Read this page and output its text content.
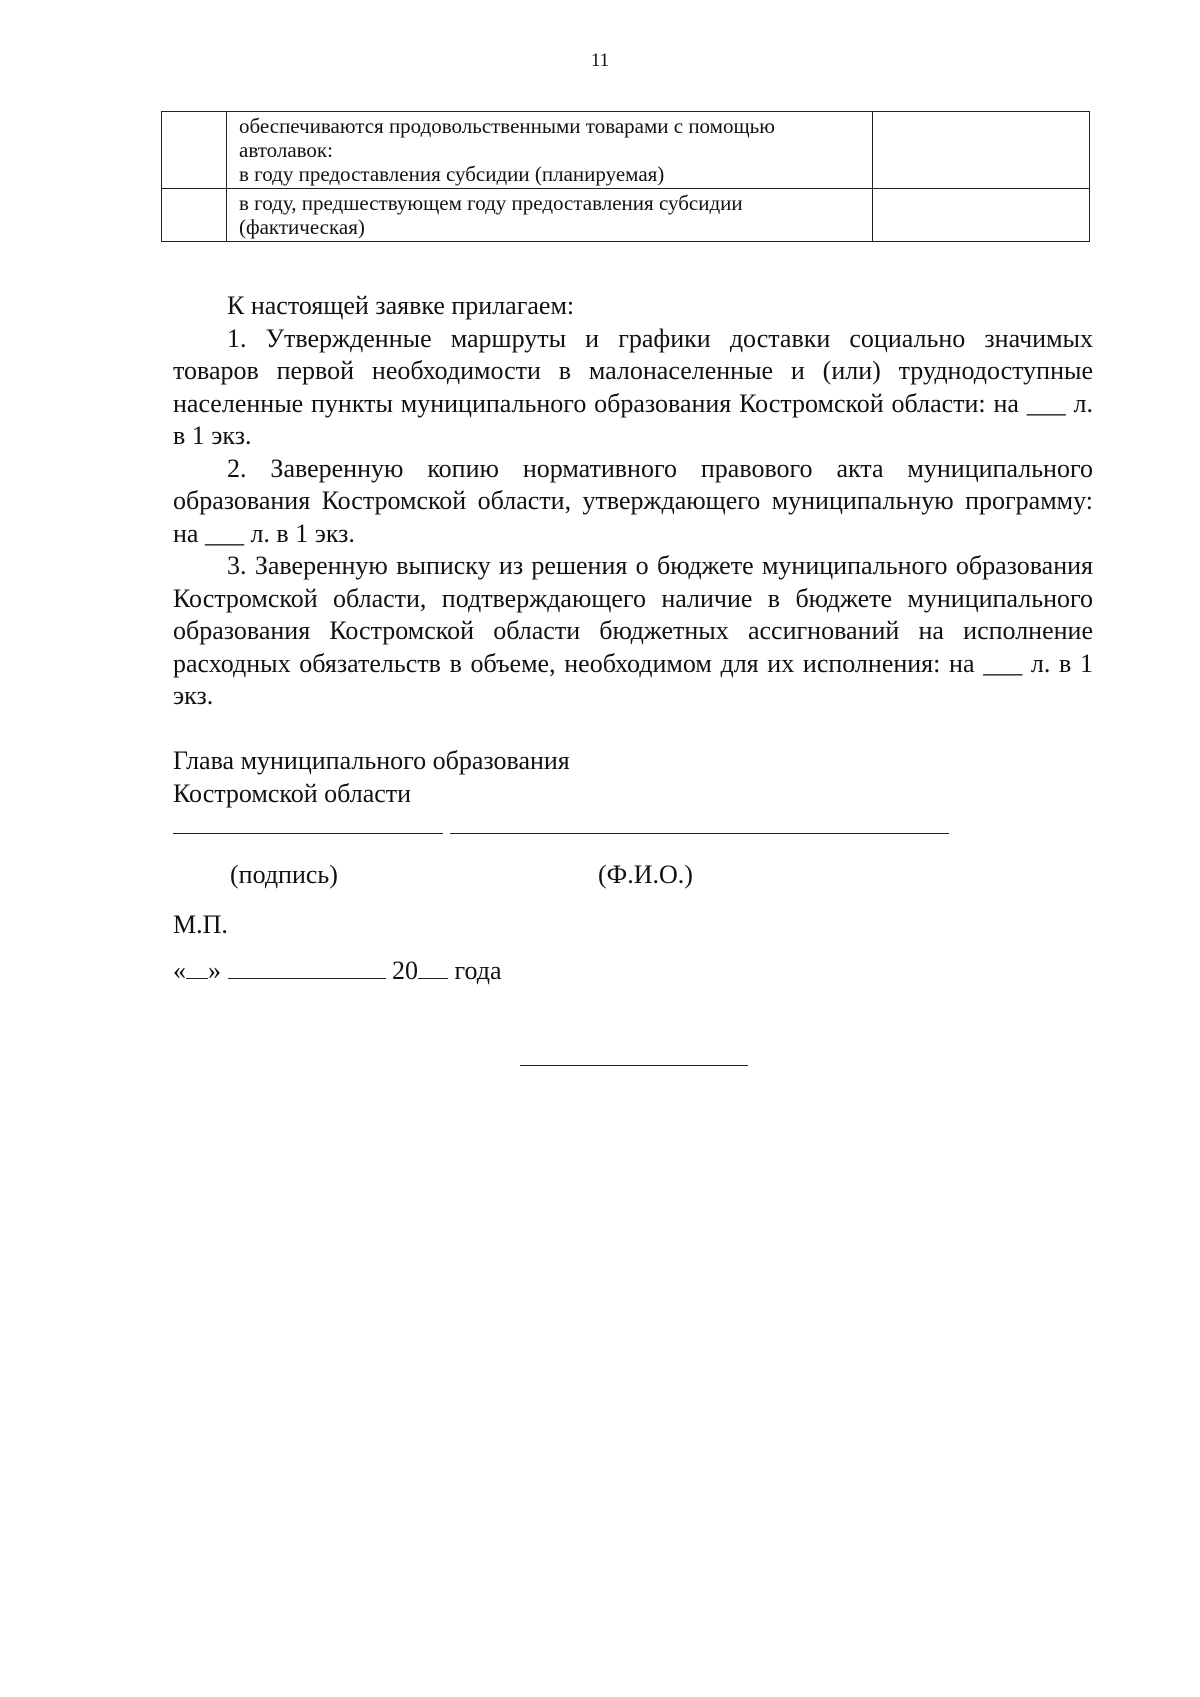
11

	обеспечиваются продовольственными товарами с помощью
автолавок:
в году предоставления субсидии (планируемая)	

	в году, предшествующем году предоставления субсидии
(фактическая)	

К настоящей заявке прилагаем:

1. Утвержденные маршруты и графики доставки социально значимых товаров первой необходимости в малонаселенные и (или) труднодоступные населенные пункты муниципального образования Костромской области: на ___ л. в 1 экз.

2. Заверенную копию нормативного правового акта муниципального образования Костромской области, утверждающего муниципальную программу: на ___ л. в 1 экз.

3. Заверенную выписку из решения о бюджете муниципального образования Костромской области, подтверждающего наличие в бюджете муниципального образования Костромской области бюджетных ассигнований на исполнение расходных обязательств в объеме, необходимом для их исполнения: на ___ л. в 1 экз.

Глава муниципального образования
Костромской области
(подпись)	(Ф.И.О.)
М.П.
« »	20 года
